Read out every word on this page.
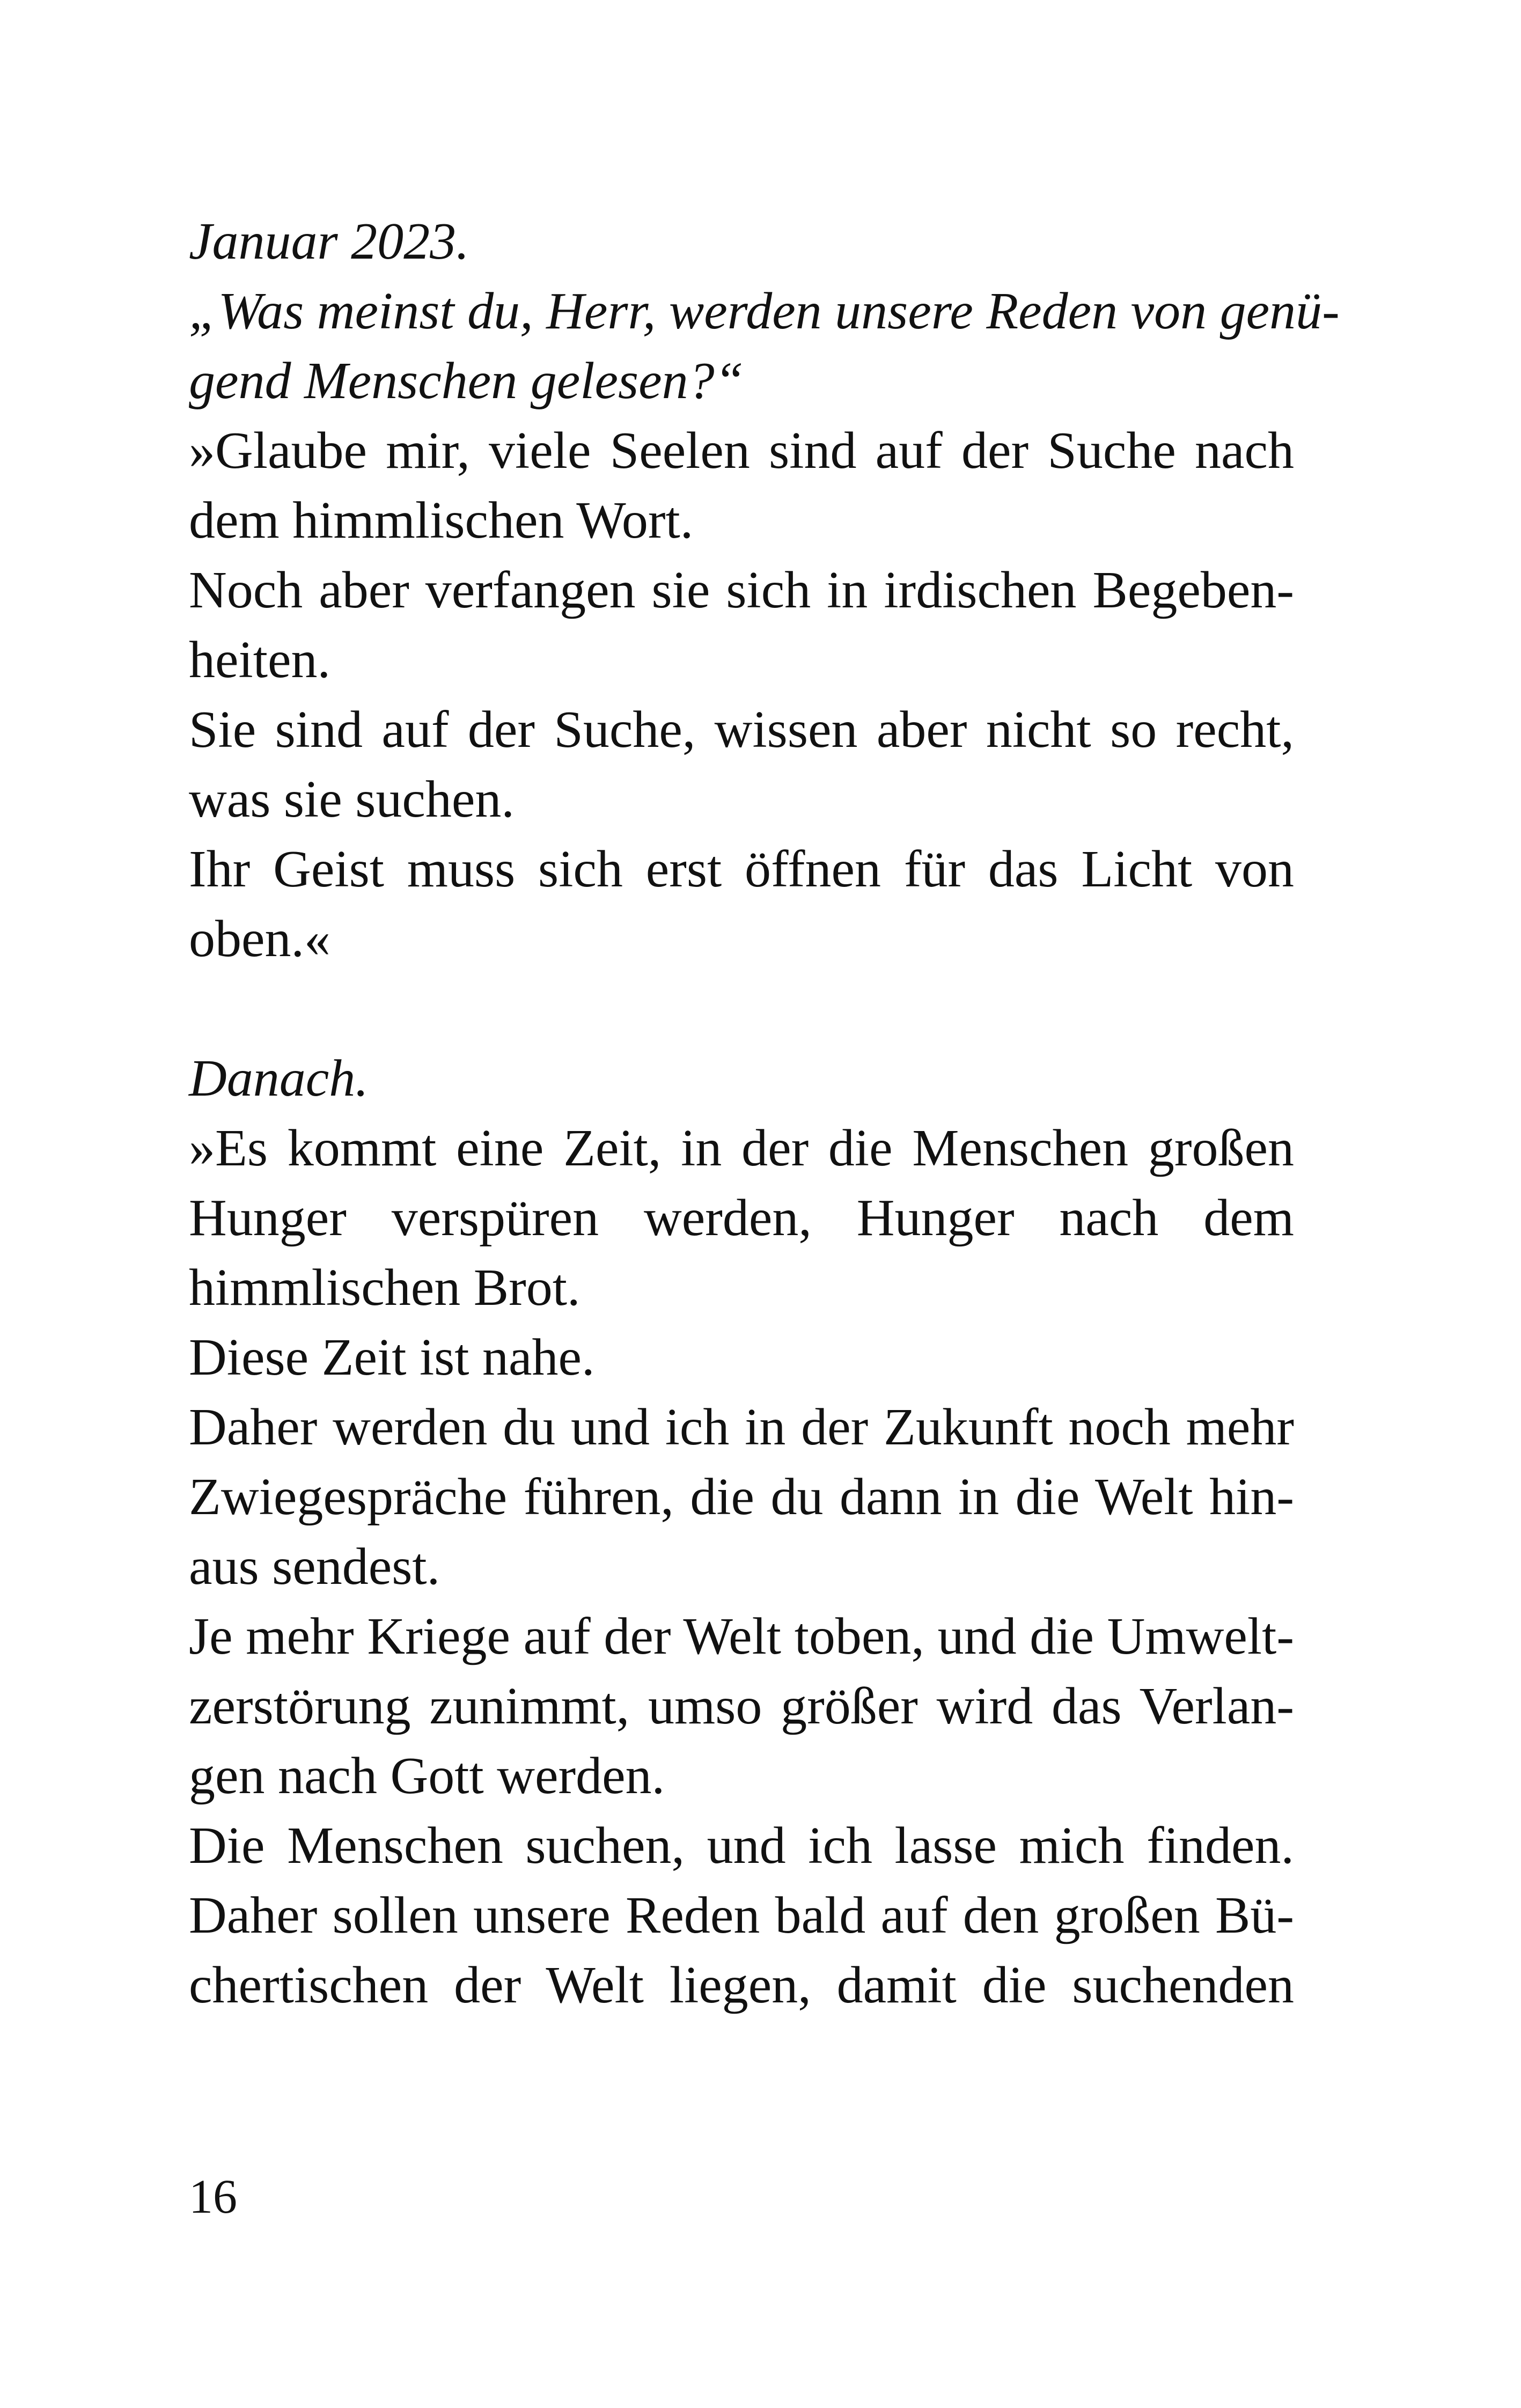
Januar 2023.
„Was meinst du, Herr, werden unsere Reden von genü-
gend Menschen gelesen?“
»Glaube mir, viele Seelen sind auf der Suche nach
dem himmlischen Wort.
Noch aber verfangen sie sich in irdischen Begeben-
heiten.
Sie sind auf der Suche, wissen aber nicht so recht,
was sie suchen.
Ihr Geist muss sich erst öffnen für das Licht von
oben.«
Danach.
»Es kommt eine Zeit, in der die Menschen großen
Hunger verspüren werden, Hunger nach dem
himmlischen Brot.
Diese Zeit ist nahe.
Daher werden du und ich in der Zukunft noch mehr
Zwiegespräche führen, die du dann in die Welt hin-
aus sendest.
Je mehr Kriege auf der Welt toben, und die Umwelt-
zerstörung zunimmt, umso größer wird das Verlan-
gen nach Gott werden.
Die Menschen suchen, und ich lasse mich finden.
Daher sollen unsere Reden bald auf den großen Bü-
chertischen der Welt liegen, damit die suchenden
16
